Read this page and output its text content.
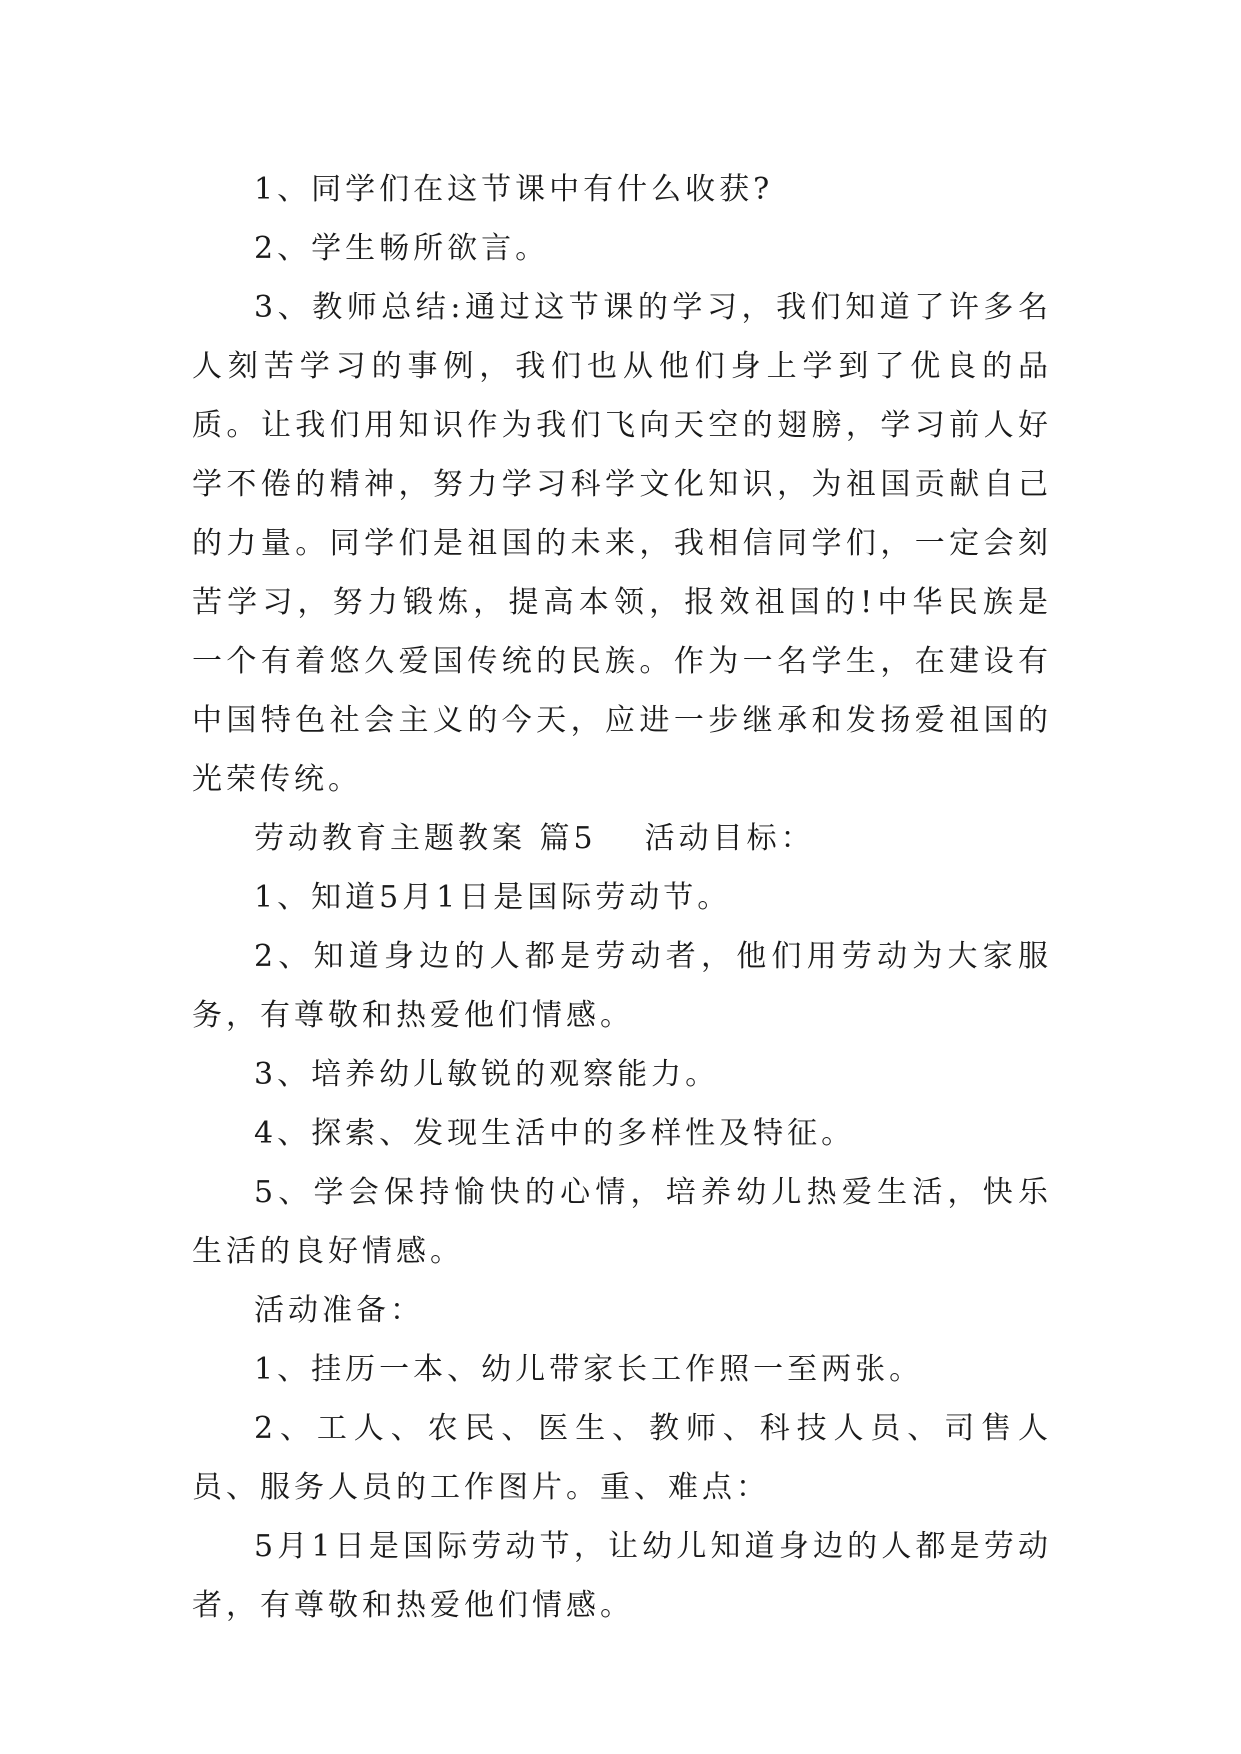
1、同学们在这节课中有什么收获?

2、学生畅所欲言。

3、教师总结:通过这节课的学习，我们知道了许多名人刻苦学习的事例，我们也从他们身上学到了优良的品质。让我们用知识作为我们飞向天空的翅膀，学习前人好学不倦的精神，努力学习科学文化知识，为祖国贡献自己的力量。同学们是祖国的未来，我相信同学们，一定会刻苦学习，努力锻炼，提高本领，报效祖国的!中华民族是一个有着悠久爱国传统的民族。作为一名学生，在建设有中国特色社会主义的今天，应进一步继承和发扬爱祖国的光荣传统。

劳动教育主题教案 篇5 活动目标：

1、知道5月1日是国际劳动节。

2、知道身边的人都是劳动者，他们用劳动为大家服务，有尊敬和热爱他们情感。

3、培养幼儿敏锐的观察能力。

4、探索、发现生活中的多样性及特征。

5、学会保持愉快的心情，培养幼儿热爱生活，快乐生活的良好情感。

活动准备：

1、挂历一本、幼儿带家长工作照一至两张。

2、工人、农民、医生、教师、科技人员、司售人员、服务人员的工作图片。重、难点：

5月1日是国际劳动节，让幼儿知道身边的人都是劳动者，有尊敬和热爱他们情感。
